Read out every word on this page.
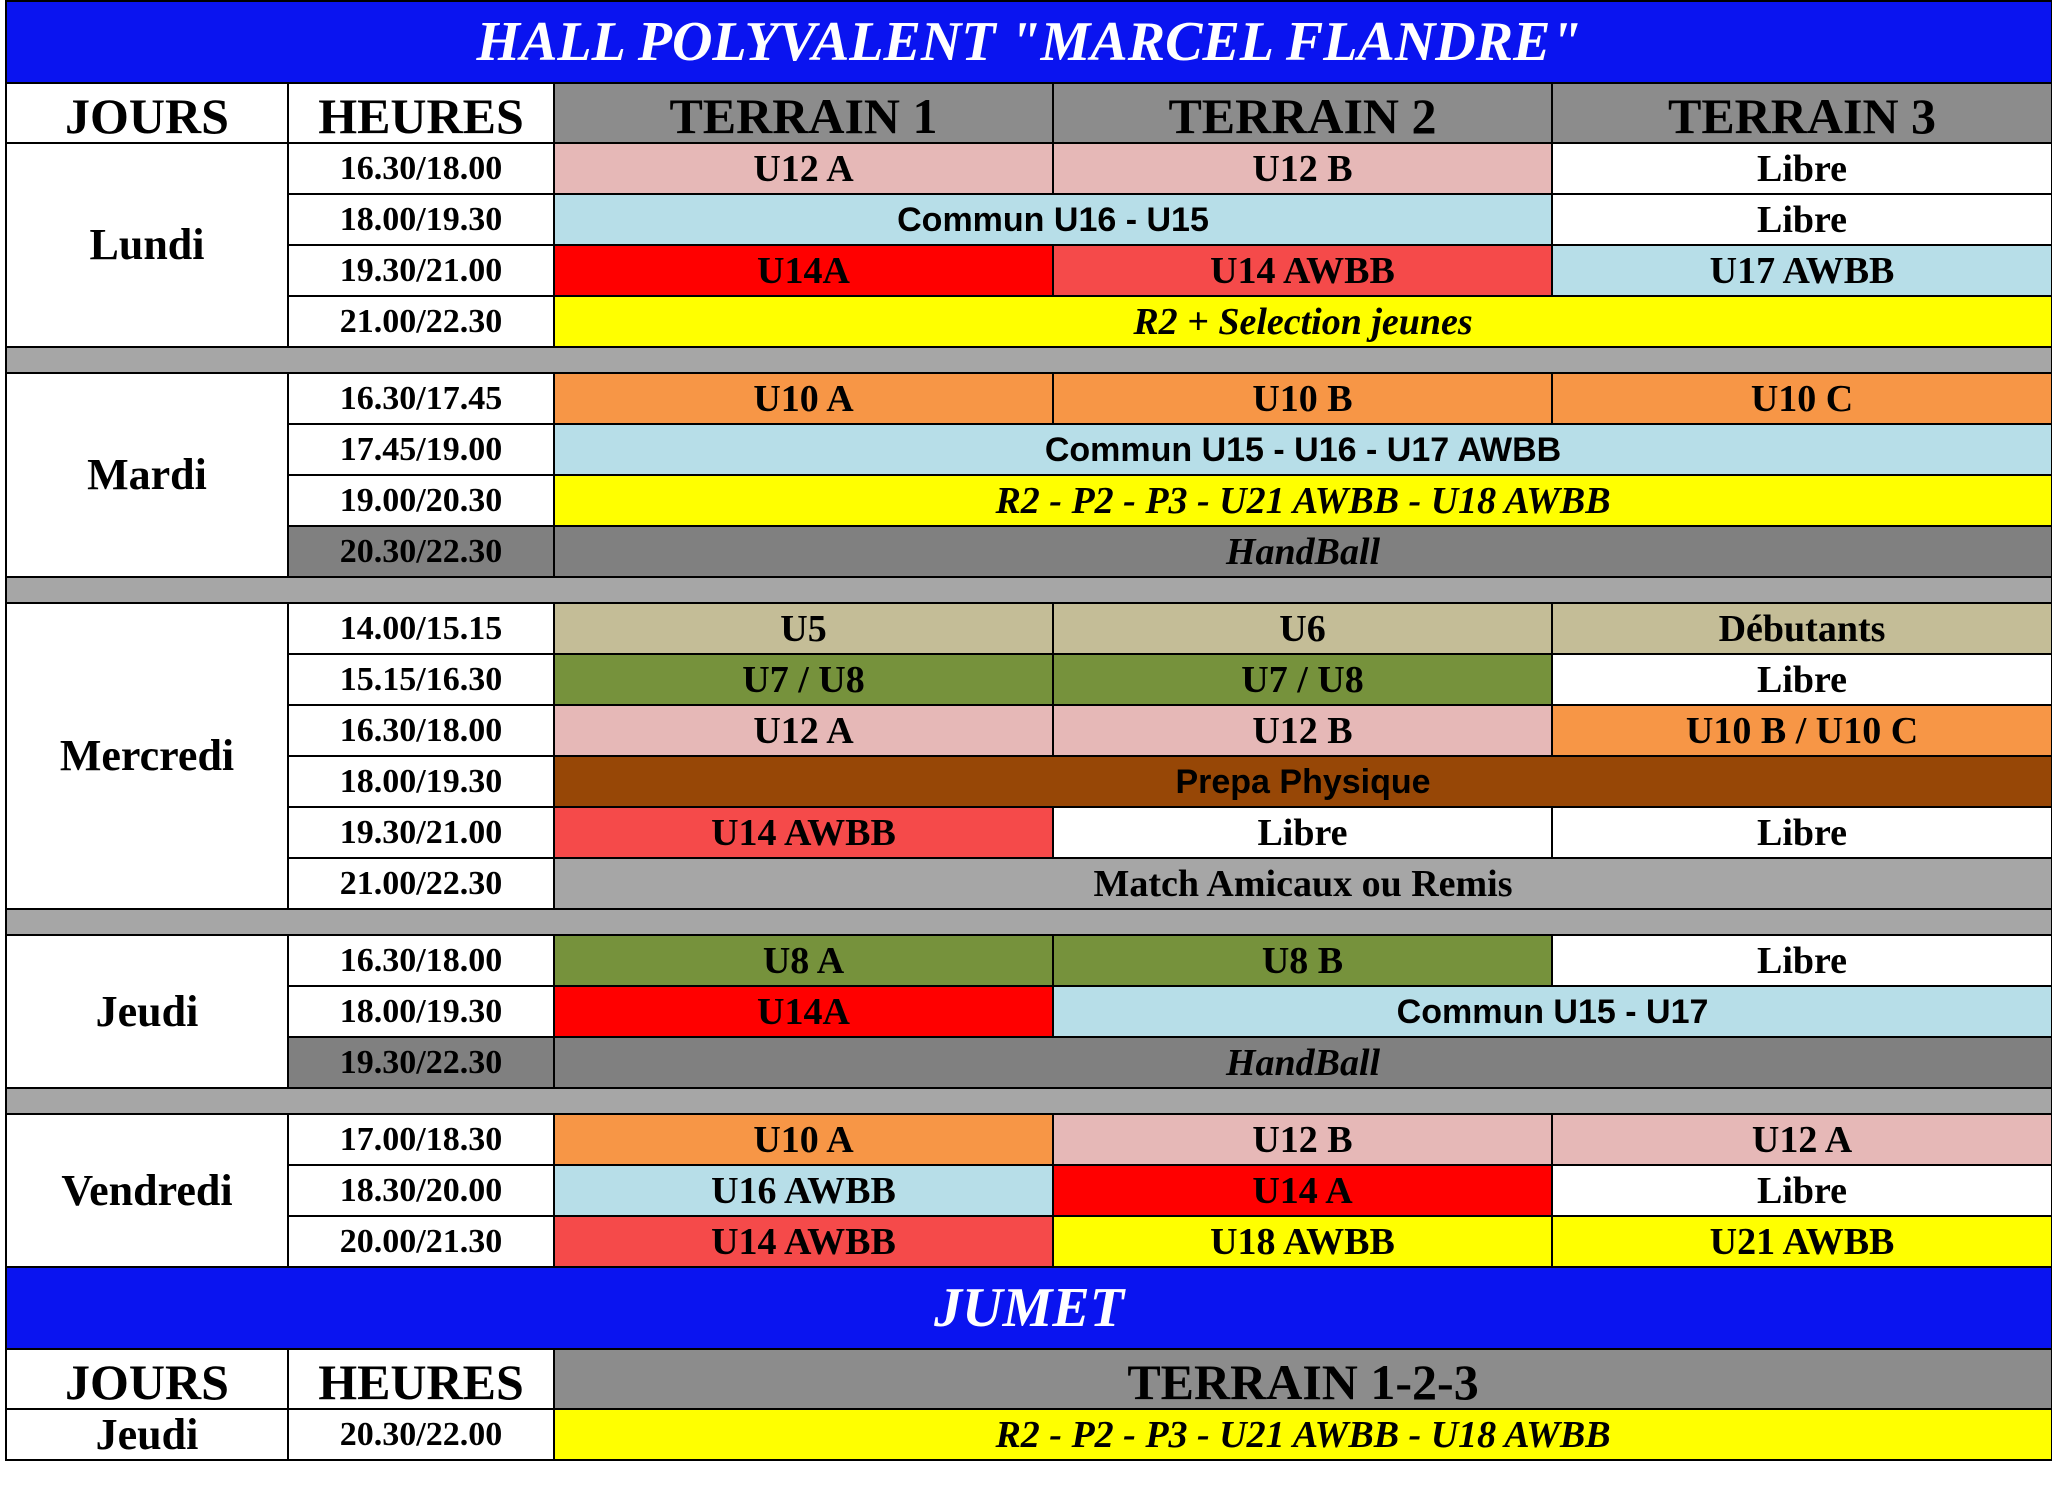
HALL POLYVALENT "MARCEL FLANDRE"				
JOURS	HEURES	TERRAIN 1	TERRAIN 2	TERRAIN 3
Lundi	16.30/18.00	U12 A	U12 B	Libre
	18.00/19.30	Commun U16 - U15		Libre
	19.30/21.00	U14A	U14 AWBB	U17 AWBB
	21.00/22.30	R2 + Selection jeunes		

Mardi	16.30/17.45	U10 A	U10 B	U10 C
	17.45/19.00	Commun U15 - U16 - U17 AWBB		
	19.00/20.30	R2 - P2 - P3 - U21 AWBB - U18 AWBB		
	20.30/22.30	HandBall		

Mercredi	14.00/15.15	U5	U6	Débutants
	15.15/16.30	U7 / U8	U7 / U8	Libre
	16.30/18.00	U12 A	U12 B	U10 B / U10 C
	18.00/19.30	Prepa Physique		
	19.30/21.00	U14 AWBB	Libre	Libre
	21.00/22.30	Match Amicaux ou Remis		

Jeudi	16.30/18.00	U8 A	U8 B	Libre
	18.00/19.30	U14A	Commun U15 - U17	
	19.30/22.30	HandBall		

Vendredi	17.00/18.30	U10 A	U12 B	U12 A
	18.30/20.00	U16 AWBB	U14 A	Libre
	20.00/21.30	U14 AWBB	U18 AWBB	U21 AWBB
JUMET				
JOURS	HEURES	TERRAIN 1-2-3		
Jeudi	20.30/22.00	R2 - P2 - P3 - U21 AWBB - U18 AWBB		
